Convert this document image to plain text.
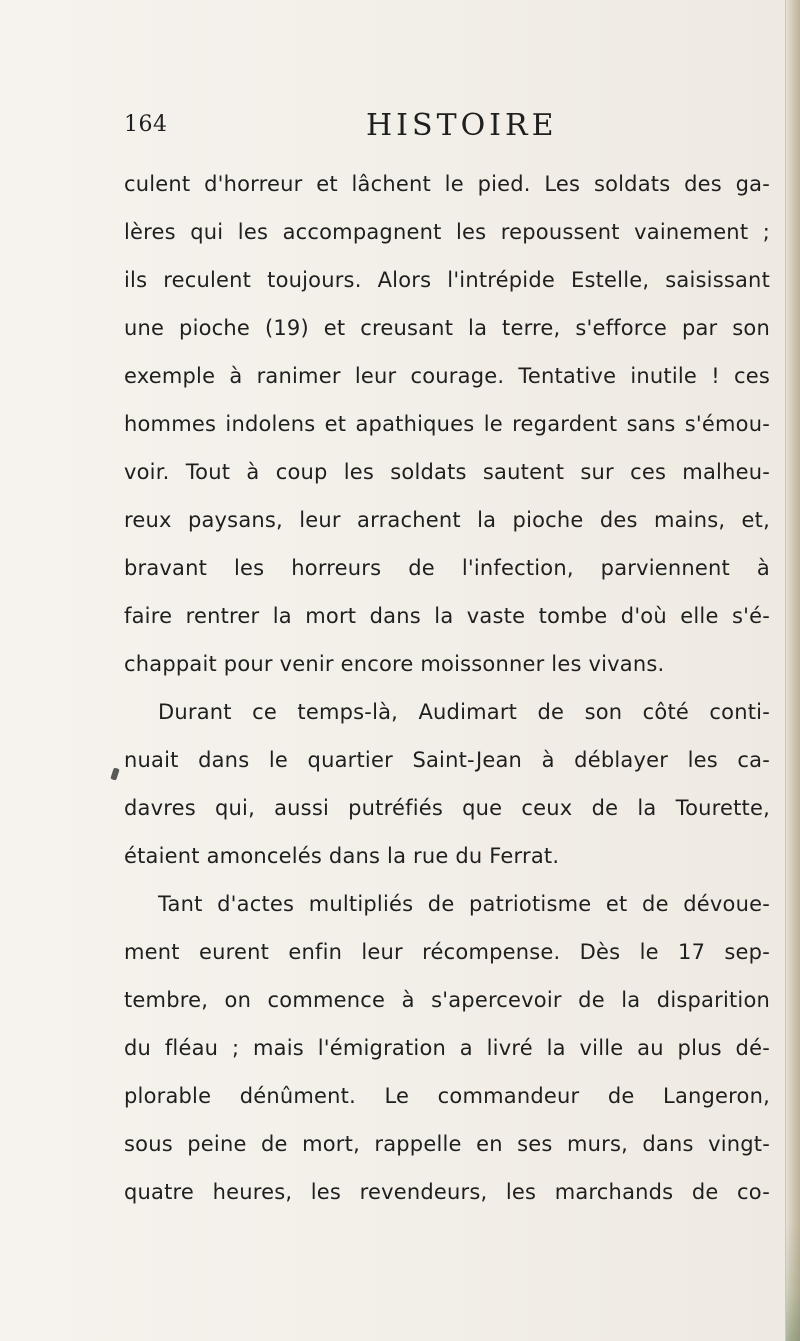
164	HISTOIRE
culent d'horreur et lâchent le pied. Les soldats des ga-
lères qui les accompagnent les repoussent vainement ;
ils reculent toujours. Alors l'intrépide Estelle, saisissant
une pioche (19) et creusant la terre, s'efforce par son
exemple à ranimer leur courage. Tentative inutile ! ces
hommes indolens et apathiques le regardent sans s'émou-
voir. Tout à coup les soldats sautent sur ces malheu-
reux paysans, leur arrachent la pioche des mains, et,
bravant les horreurs de l'infection, parviennent à
faire rentrer la mort dans la vaste tombe d'où elle s'é-
chappait pour venir encore moissonner les vivans.
Durant ce temps-là, Audimart de son côté conti-
nuait dans le quartier Saint-Jean à déblayer les ca-
davres qui, aussi putréfiés que ceux de la Tourette,
étaient amoncelés dans la rue du Ferrat.
Tant d'actes multipliés de patriotisme et de dévoue-
ment eurent enfin leur récompense. Dès le 17 sep-
tembre, on commence à s'apercevoir de la disparition
du fléau ; mais l'émigration a livré la ville au plus dé-
plorable dénûment. Le commandeur de Langeron,
sous peine de mort, rappelle en ses murs, dans vingt-
quatre heures, les revendeurs, les marchands de co-
